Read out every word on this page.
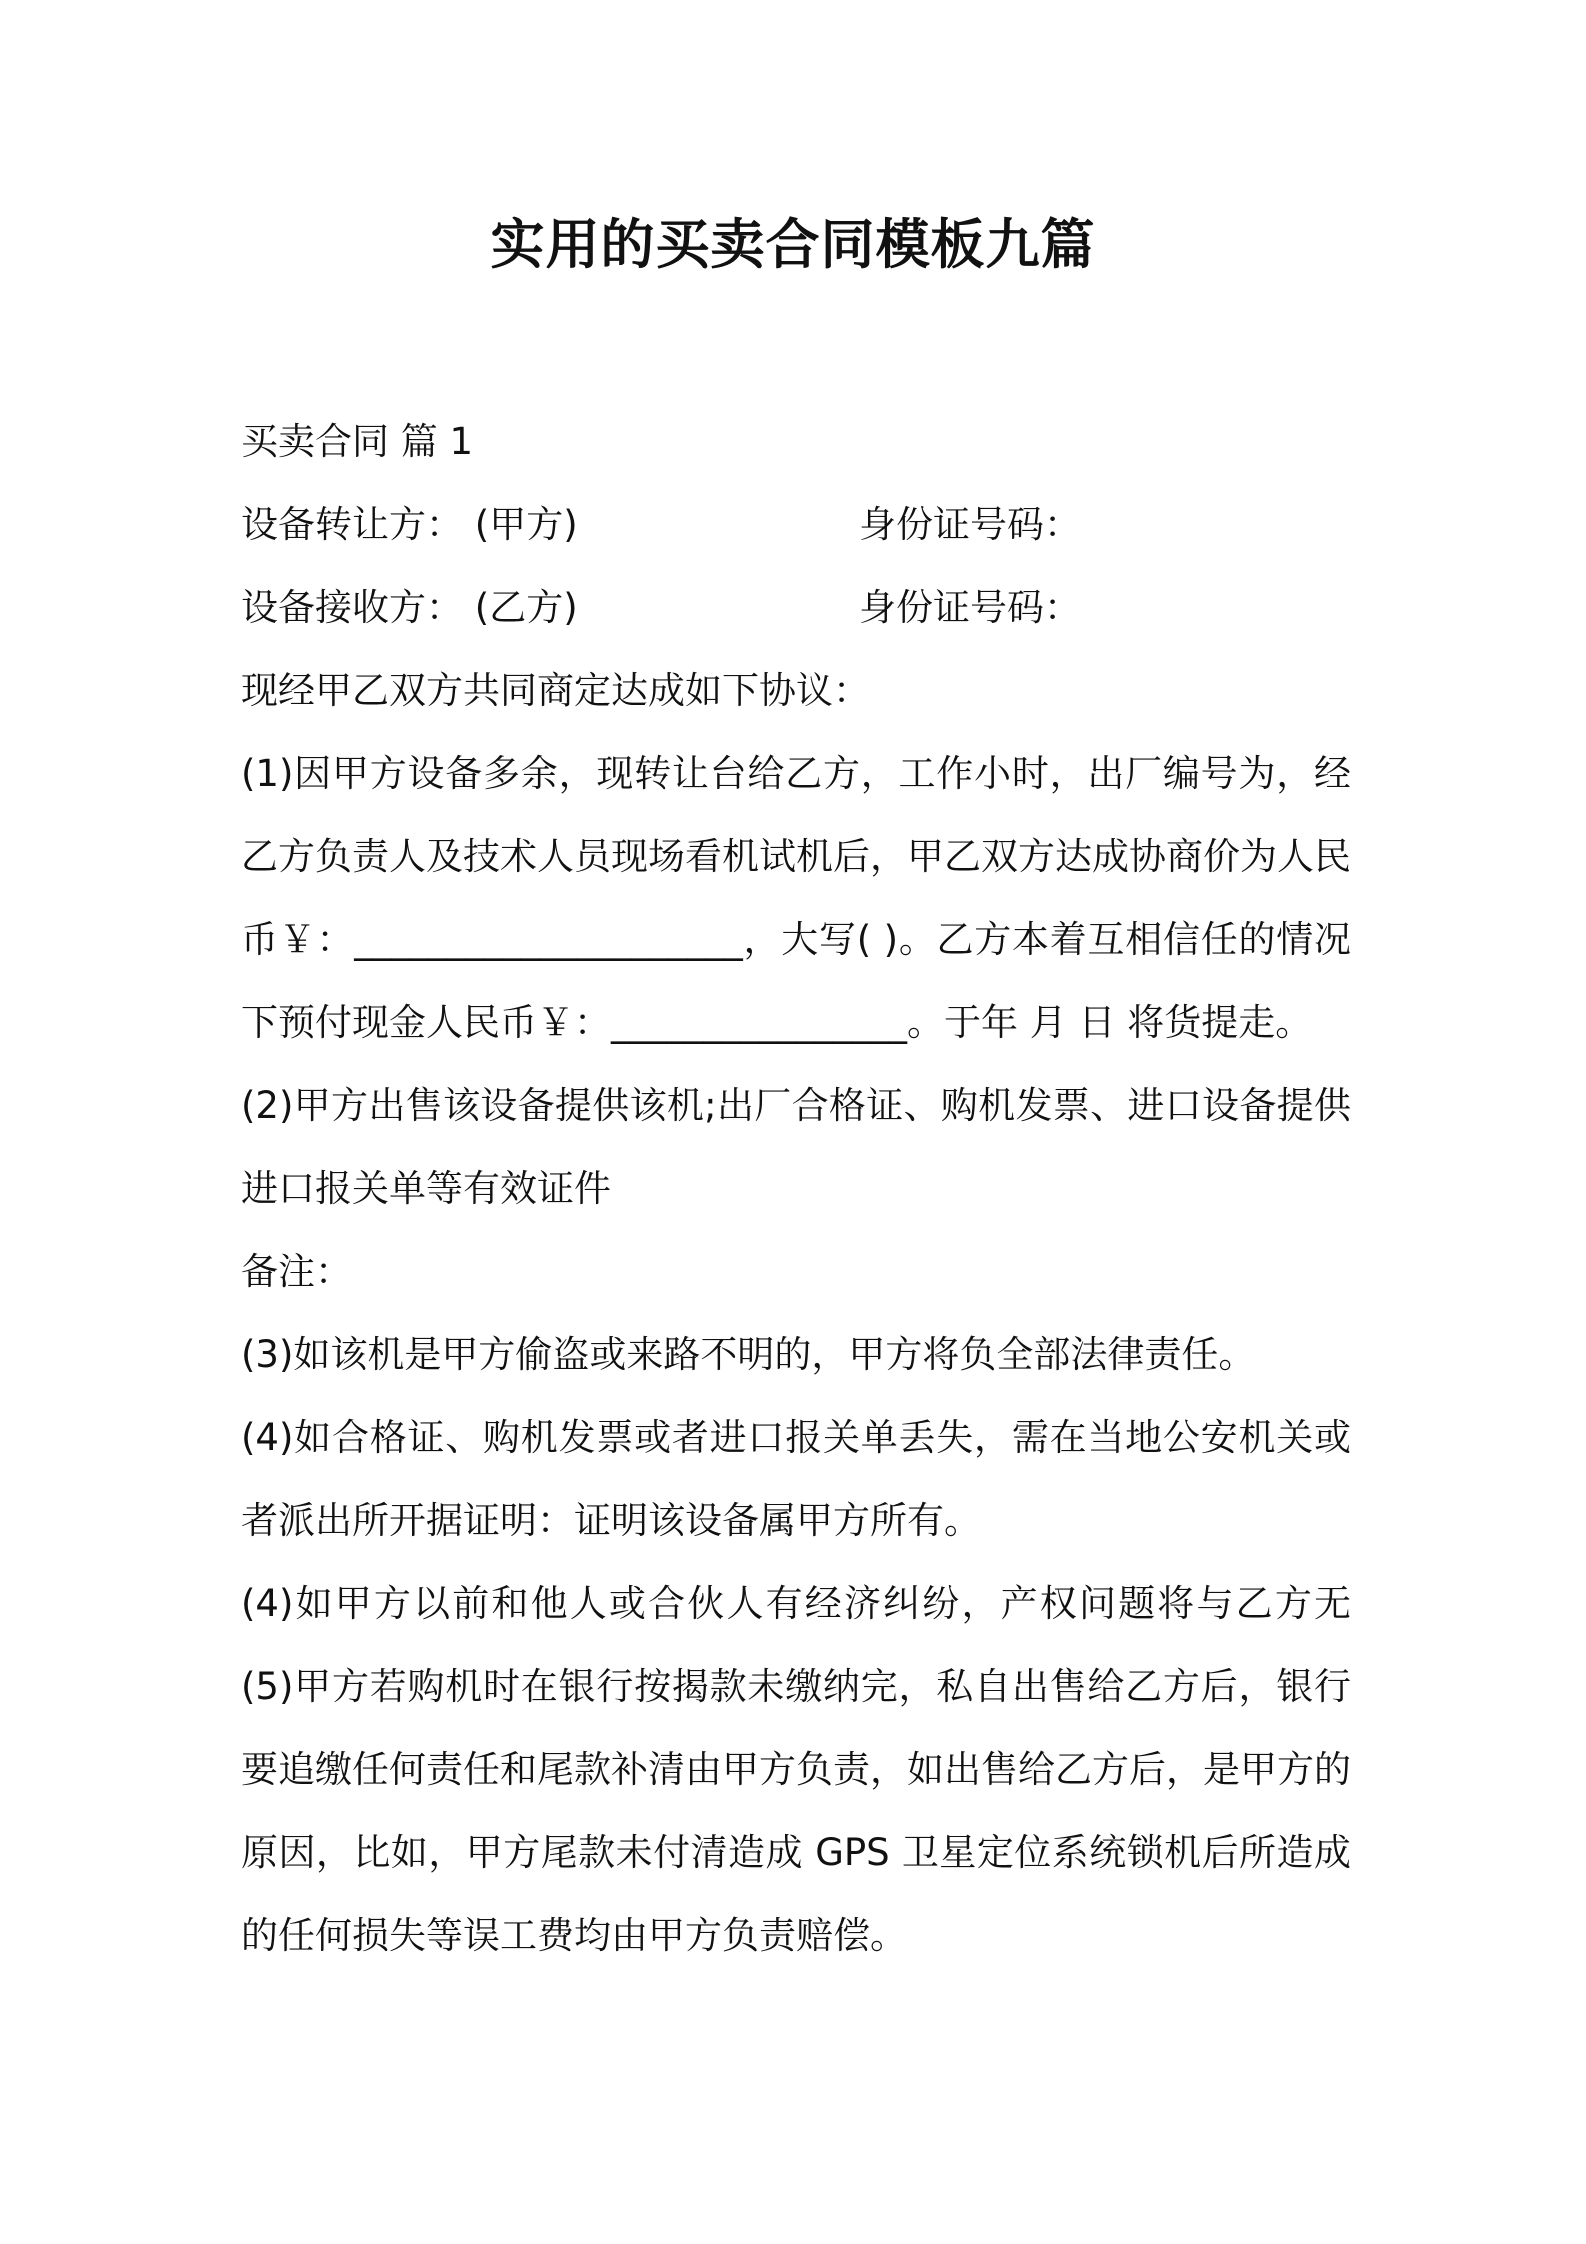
实用的买卖合同模板九篇
买卖合同 篇 1
设备转让方： (甲方)	身份证号码：
设备接收方： (乙方)	身份证号码：
现经甲乙双方共同商定达成如下协议：
(1)因甲方设备多余，现转让台给乙方，工作小时，出厂编号为，经
乙方负责人及技术人员现场看机试机后，甲乙双方达成协商价为人民
币￥：_____________________，大写( )。乙方本着互相信任的情况
下预付现金人民币￥：________________。于年 月 日 将货提走。
(2)甲方出售该设备提供该机;出厂合格证、购机发票、进口设备提供
进口报关单等有效证件
备注：
(3)如该机是甲方偷盗或来路不明的，甲方将负全部法律责任。
(4)如合格证、购机发票或者进口报关单丢失，需在当地公安机关或
者派出所开据证明：证明该设备属甲方所有。
(4)如甲方以前和他人或合伙人有经济纠纷，产权问题将与乙方无
(5)甲方若购机时在银行按揭款未缴纳完，私自出售给乙方后，银行
要追缴任何责任和尾款补清由甲方负责，如出售给乙方后，是甲方的
原因，比如，甲方尾款未付清造成 GPS 卫星定位系统锁机后所造成
的任何损失等误工费均由甲方负责赔偿。
